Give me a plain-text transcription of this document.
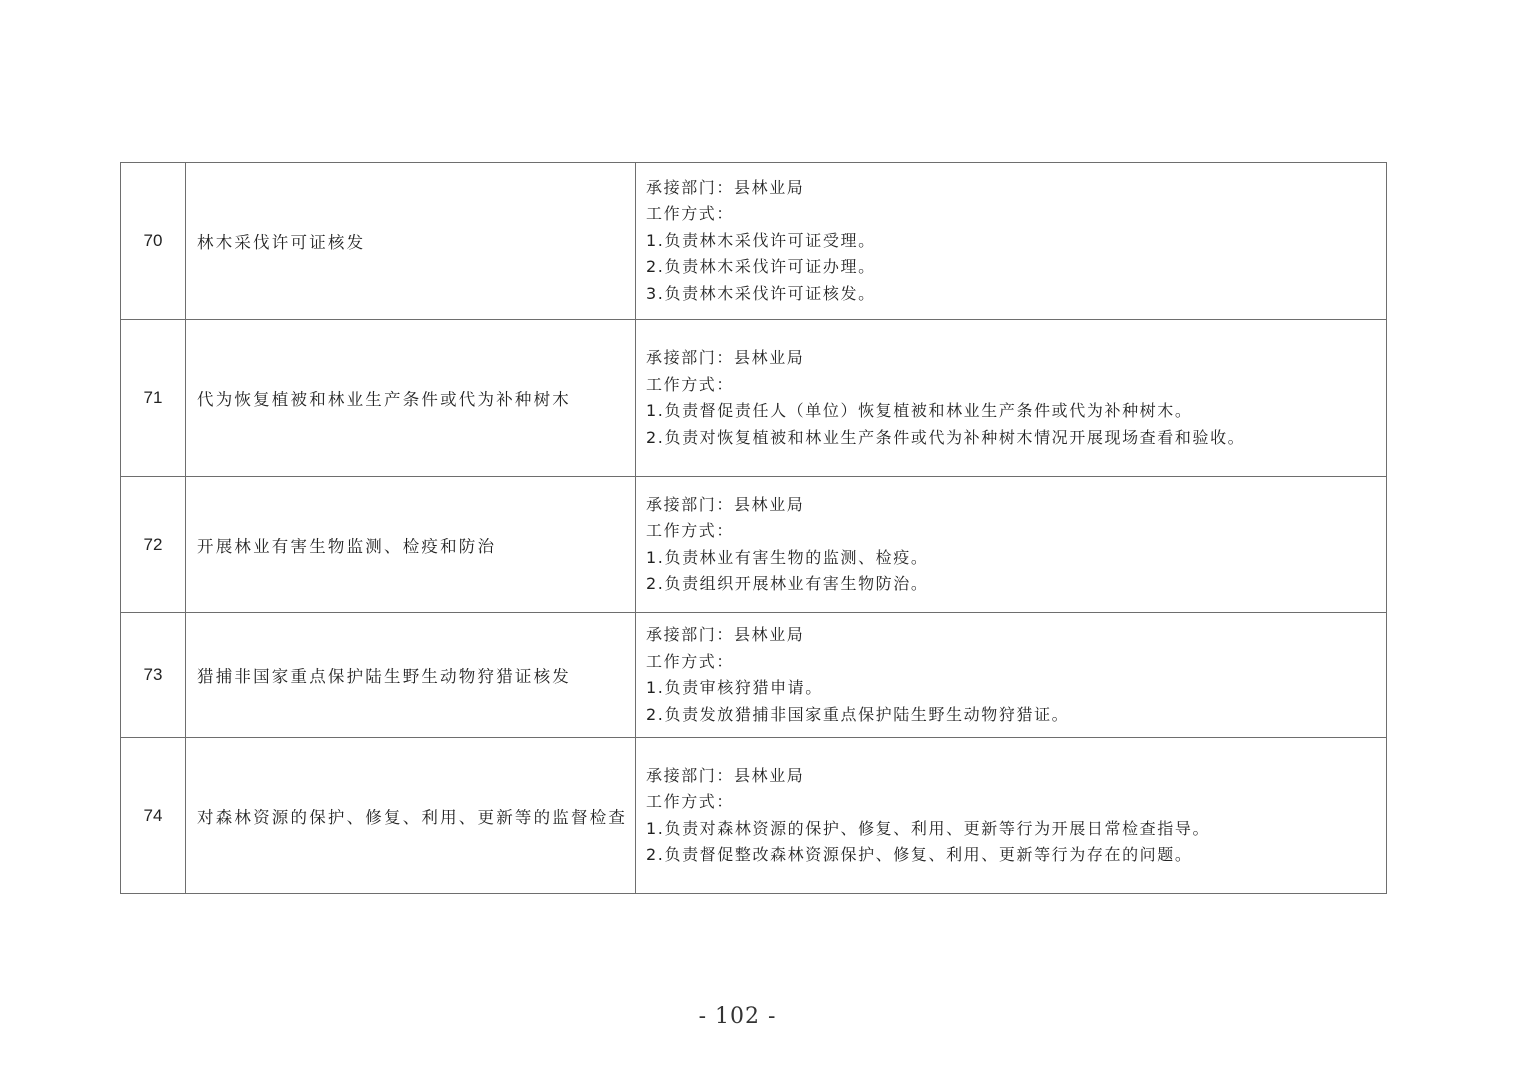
70	林木采伐许可证核发	承接部门：县林业局
工作方式：
1.负责林木采伐许可证受理。
2.负责林木采伐许可证办理。
3.负责林木采伐许可证核发。

71	代为恢复植被和林业生产条件或代为补种树木	承接部门：县林业局
工作方式：
1.负责督促责任人（单位）恢复植被和林业生产条件或代为补种树木。
2.负责对恢复植被和林业生产条件或代为补种树木情况开展现场查看和验收。

72	开展林业有害生物监测、检疫和防治	承接部门：县林业局
工作方式：
1.负责林业有害生物的监测、检疫。
2.负责组织开展林业有害生物防治。

73	猎捕非国家重点保护陆生野生动物狩猎证核发	承接部门：县林业局
工作方式：
1.负责审核狩猎申请。
2.负责发放猎捕非国家重点保护陆生野生动物狩猎证。

74	对森林资源的保护、修复、利用、更新等的监督检查	承接部门：县林业局
工作方式：
1.负责对森林资源的保护、修复、利用、更新等行为开展日常检查指导。
2.负责督促整改森林资源保护、修复、利用、更新等行为存在的问题。
- 102 -
